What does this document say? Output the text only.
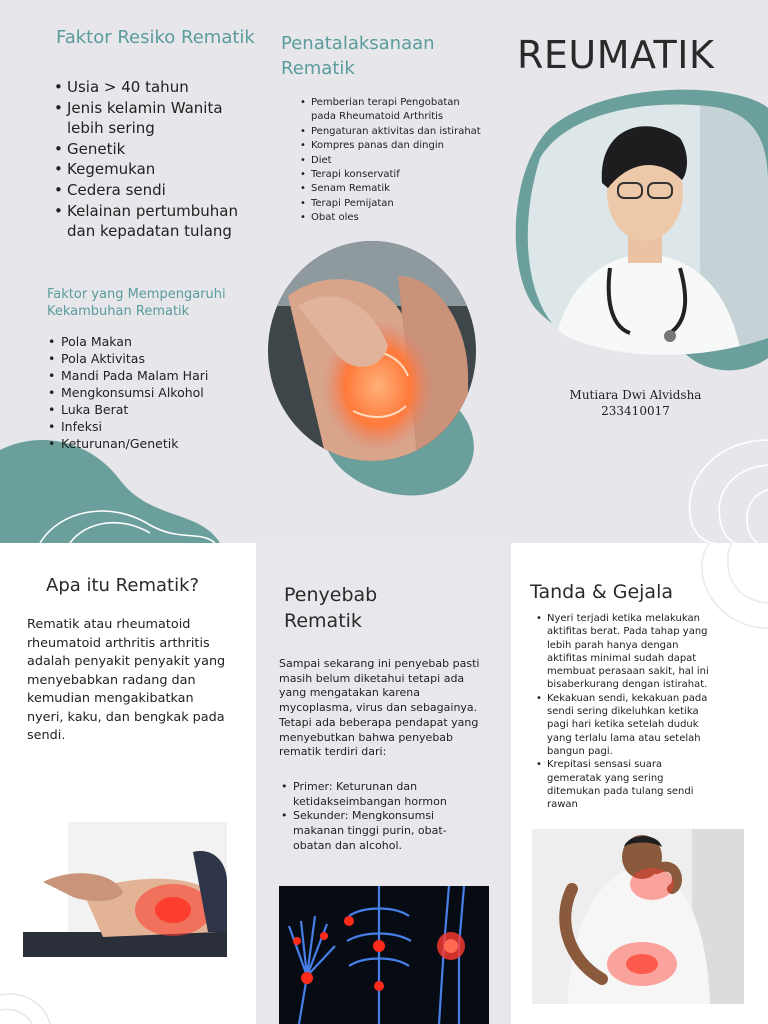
Faktor Resiko Rematik
• Usia > 40 tahun
• Jenis kelamin Wanita lebih sering
• Genetik
• Kegemukan
• Cedera sendi
• Kelainan pertumbuhan dan kepadatan tulang
Faktor yang Mempengaruhi Kekambuhan Rematik
• Pola Makan
• Pola Aktivitas
• Mandi Pada Malam Hari
• Mengkonsumsi Alkohol
• Luka Berat
• Infeksi
• Keturunan/Genetik
Penatalaksanaan Rematik
• Pemberian terapi Pengobatan pada Rheumatoid Arthritis
• Pengaturan aktivitas dan istirahat
• Kompres panas dan dingin
• Diet
• Terapi konservatif
• Senam Rematik
• Terapi Pemijatan
• Obat oles
REUMATIK
Mutiara Dwi Alvidsha
233410017
Apa itu Rematik?

Rematik atau rheumatoid rheumatoid arthritis arthritis adalah penyakit penyakit yang menyebabkan radang dan kemudian mengakibatkan nyeri, kaku, dan bengkak pada sendi.

Penyebab Rematik

Sampai sekarang ini penyebab pasti masih belum diketahui tetapi ada yang mengatakan karena mycoplasma, virus dan sebagainya. Tetapi ada beberapa pendapat yang menyebutkan bahwa penyebab rematik terdiri dari:

• Primer: Keturunan dan ketidakseimbangan hormon
• Sekunder: Mengkonsumsi makanan tinggi purin, obat-obatan dan alcohol.
Tanda & Gejala
• Nyeri terjadi ketika melakukan aktifitas berat. Pada tahap yang lebih parah hanya dengan aktifitas minimal sudah dapat membuat perasaan sakit, hal ini bisaberkurang dengan istirahat.
• Kekakuan sendi, kekakuan pada sendi sering dikeluhkan ketika pagi hari ketika setelah duduk yang terlalu lama atau setelah bangun pagi.
• Krepitasi sensasi suara gemeratak yang sering ditemukan pada tulang sendi rawan
